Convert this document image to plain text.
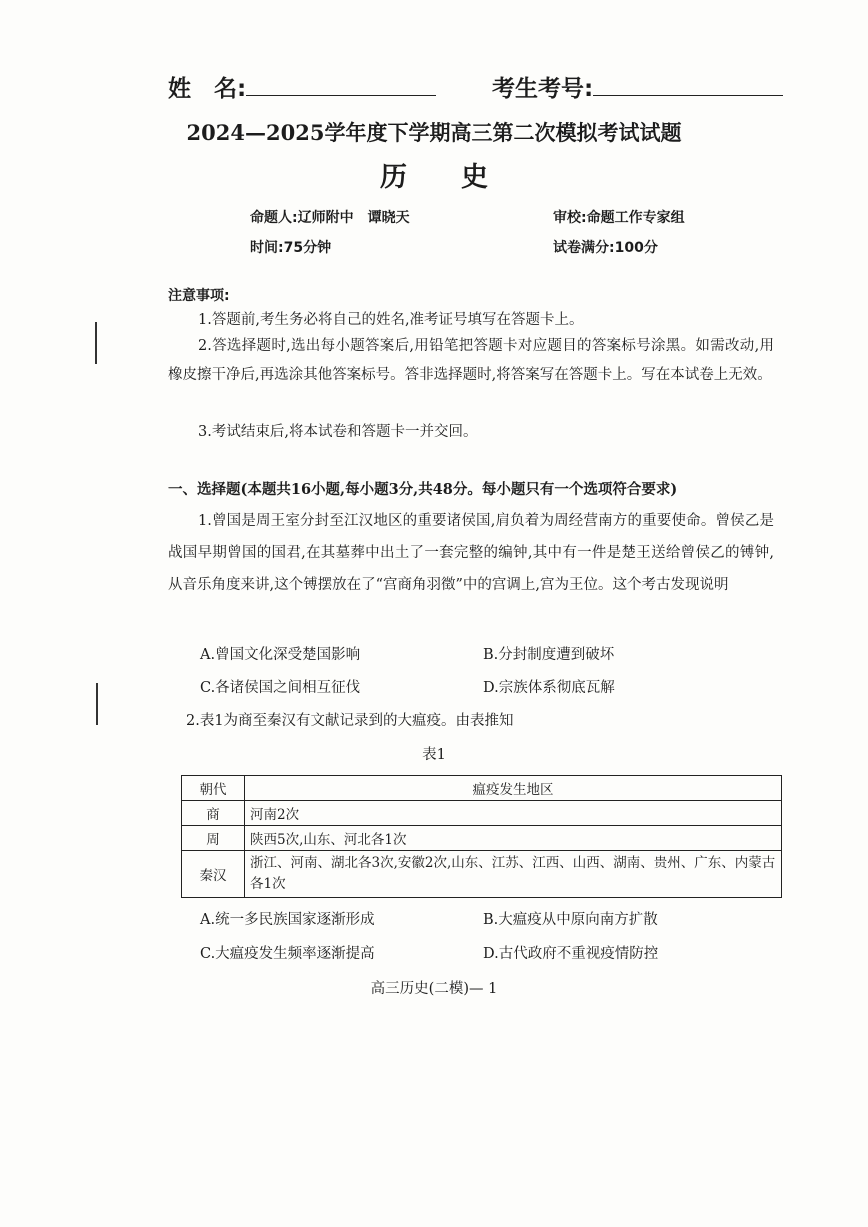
姓　名:	考生考号:
2024—2025学年度下学期高三第二次模拟考试试题
历　　史
命题人:辽师附中　谭晓天	审校:命题工作专家组
时间:75分钟	试卷满分:100分
注意事项:
1.答题前,考生务必将自己的姓名,准考证号填写在答题卡上。
2.答选择题时,选出每小题答案后,用铅笔把答题卡对应题目的答案标号涂黑。如需改动,用橡皮擦干净后,再选涂其他答案标号。答非选择题时,将答案写在答题卡上。写在本试卷上无效。
3.考试结束后,将本试卷和答题卡一并交回。
一、选择题(本题共16小题,每小题3分,共48分。每小题只有一个选项符合要求)
1.曾国是周王室分封至江汉地区的重要诸侯国,肩负着为周经营南方的重要使命。曾侯乙是战国早期曾国的国君,在其墓葬中出土了一套完整的编钟,其中有一件是楚王送给曾侯乙的镈钟,从音乐角度来讲,这个镈摆放在了“宫商角羽徵”中的宫调上,宫为王位。这个考古发现说明
A.曾国文化深受楚国影响	B.分封制度遭到破坏
C.各诸侯国之间相互征伐	D.宗族体系彻底瓦解
2.表1为商至秦汉有文献记录到的大瘟疫。由表推知
表1
朝代	瘟疫发生地区
商	河南2次
周	陕西5次,山东、河北各1次
秦汉	浙江、河南、湖北各3次,安徽2次,山东、江苏、江西、山西、湖南、贵州、广东、内蒙古各1次
A.统一多民族国家逐渐形成	B.大瘟疫从中原向南方扩散
C.大瘟疫发生频率逐渐提高	D.古代政府不重视疫情防控
高三历史(二模)— 1
